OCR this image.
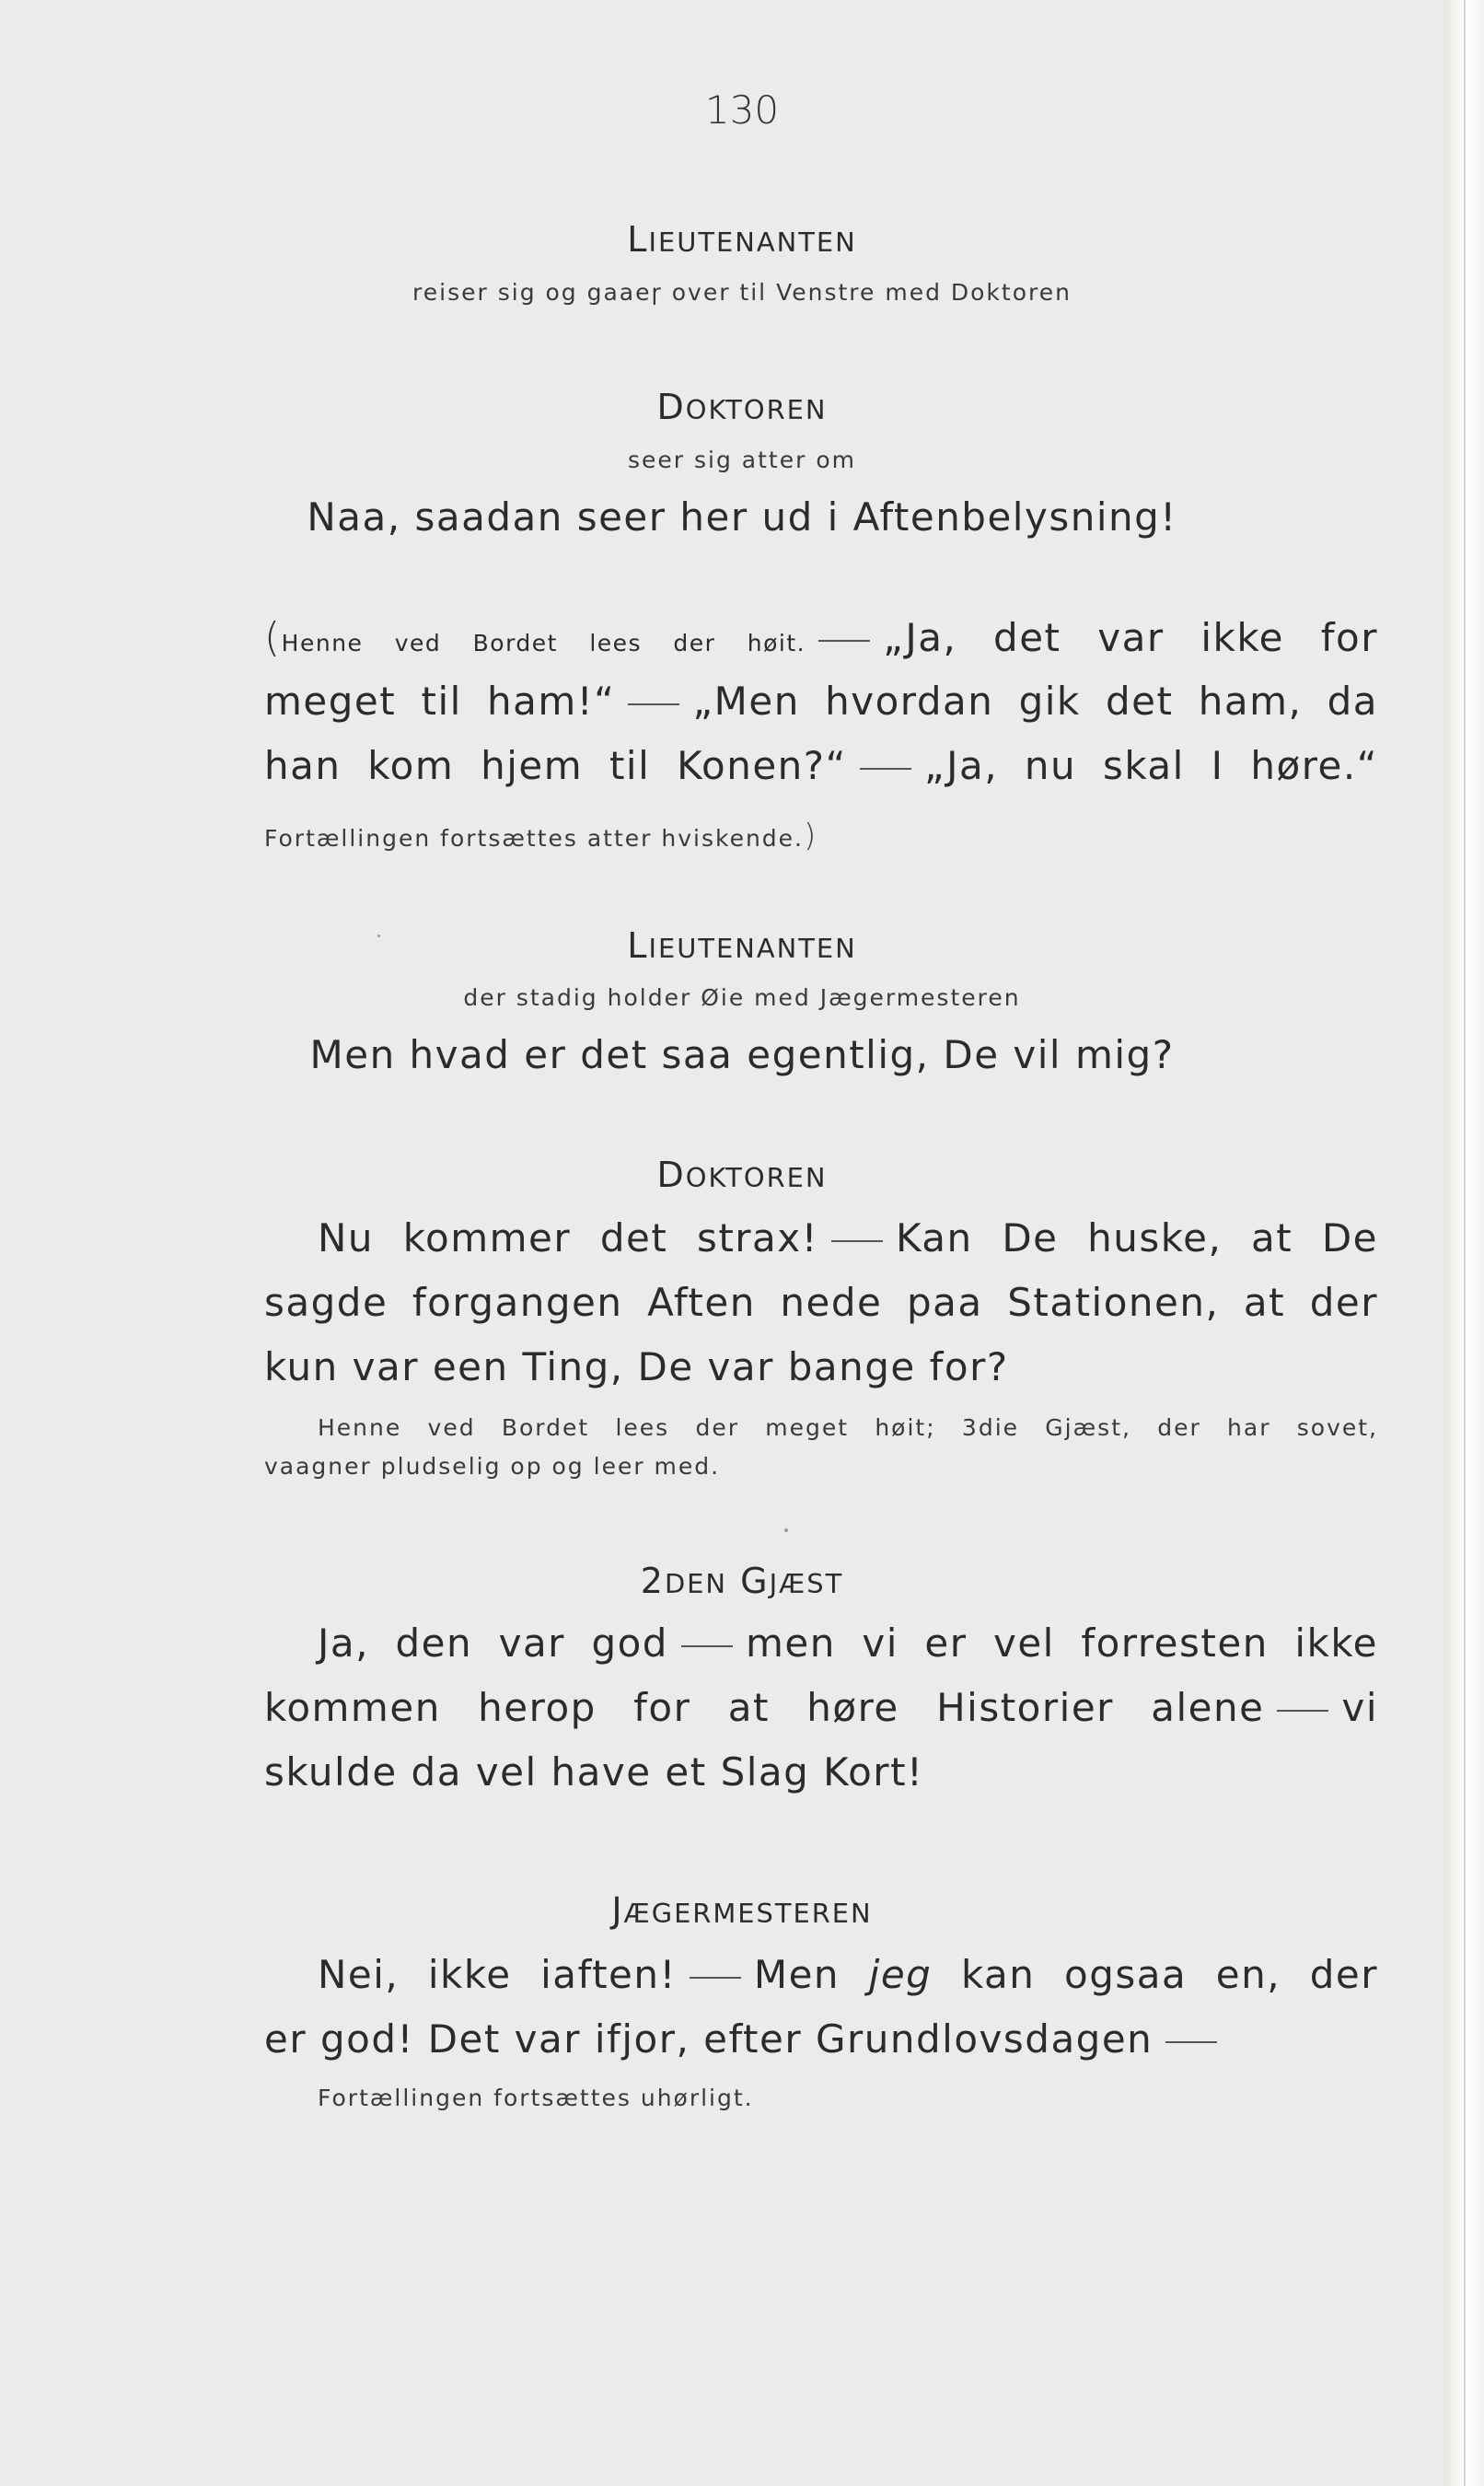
130
LIEUTENANTEN
reiser sig og gaaeɼ over til Venstre med Doktoren
DOKTOREN
seer sig atter om
Naa, saadan seer her ud i Aftenbelysning!
(Henne ved Bordet lees der høit. „Ja, det var ikke for
meget til ham!“ „Men hvordan gik det ham, da
han kom hjem til Konen?“ „Ja, nu skal I høre.“
Fortællingen fortsættes atter hviskende.)
LIEUTENANTEN
der stadig holder Øie med Jægermesteren
Men hvad er det saa egentlig, De vil mig?
DOKTOREN
Nu kommer det strax! Kan De huske, at De
sagde forgangen Aften nede paa Stationen, at der
kun var een Ting, De var bange for?
Henne ved Bordet lees der meget høit; 3die Gjæst, der har sovet,
vaagner pludselig op og leer med.
2DEN GJÆST
Ja, den var god men vi er vel forresten ikke
kommen herop for at høre Historier alene vi
skulde da vel have et Slag Kort!
JÆGERMESTEREN
Nei, ikke iaften! Men jeg kan ogsaa en, der
er god! Det var ifjor, efter Grundlovsdagen
Fortællingen fortsættes uhørligt.
